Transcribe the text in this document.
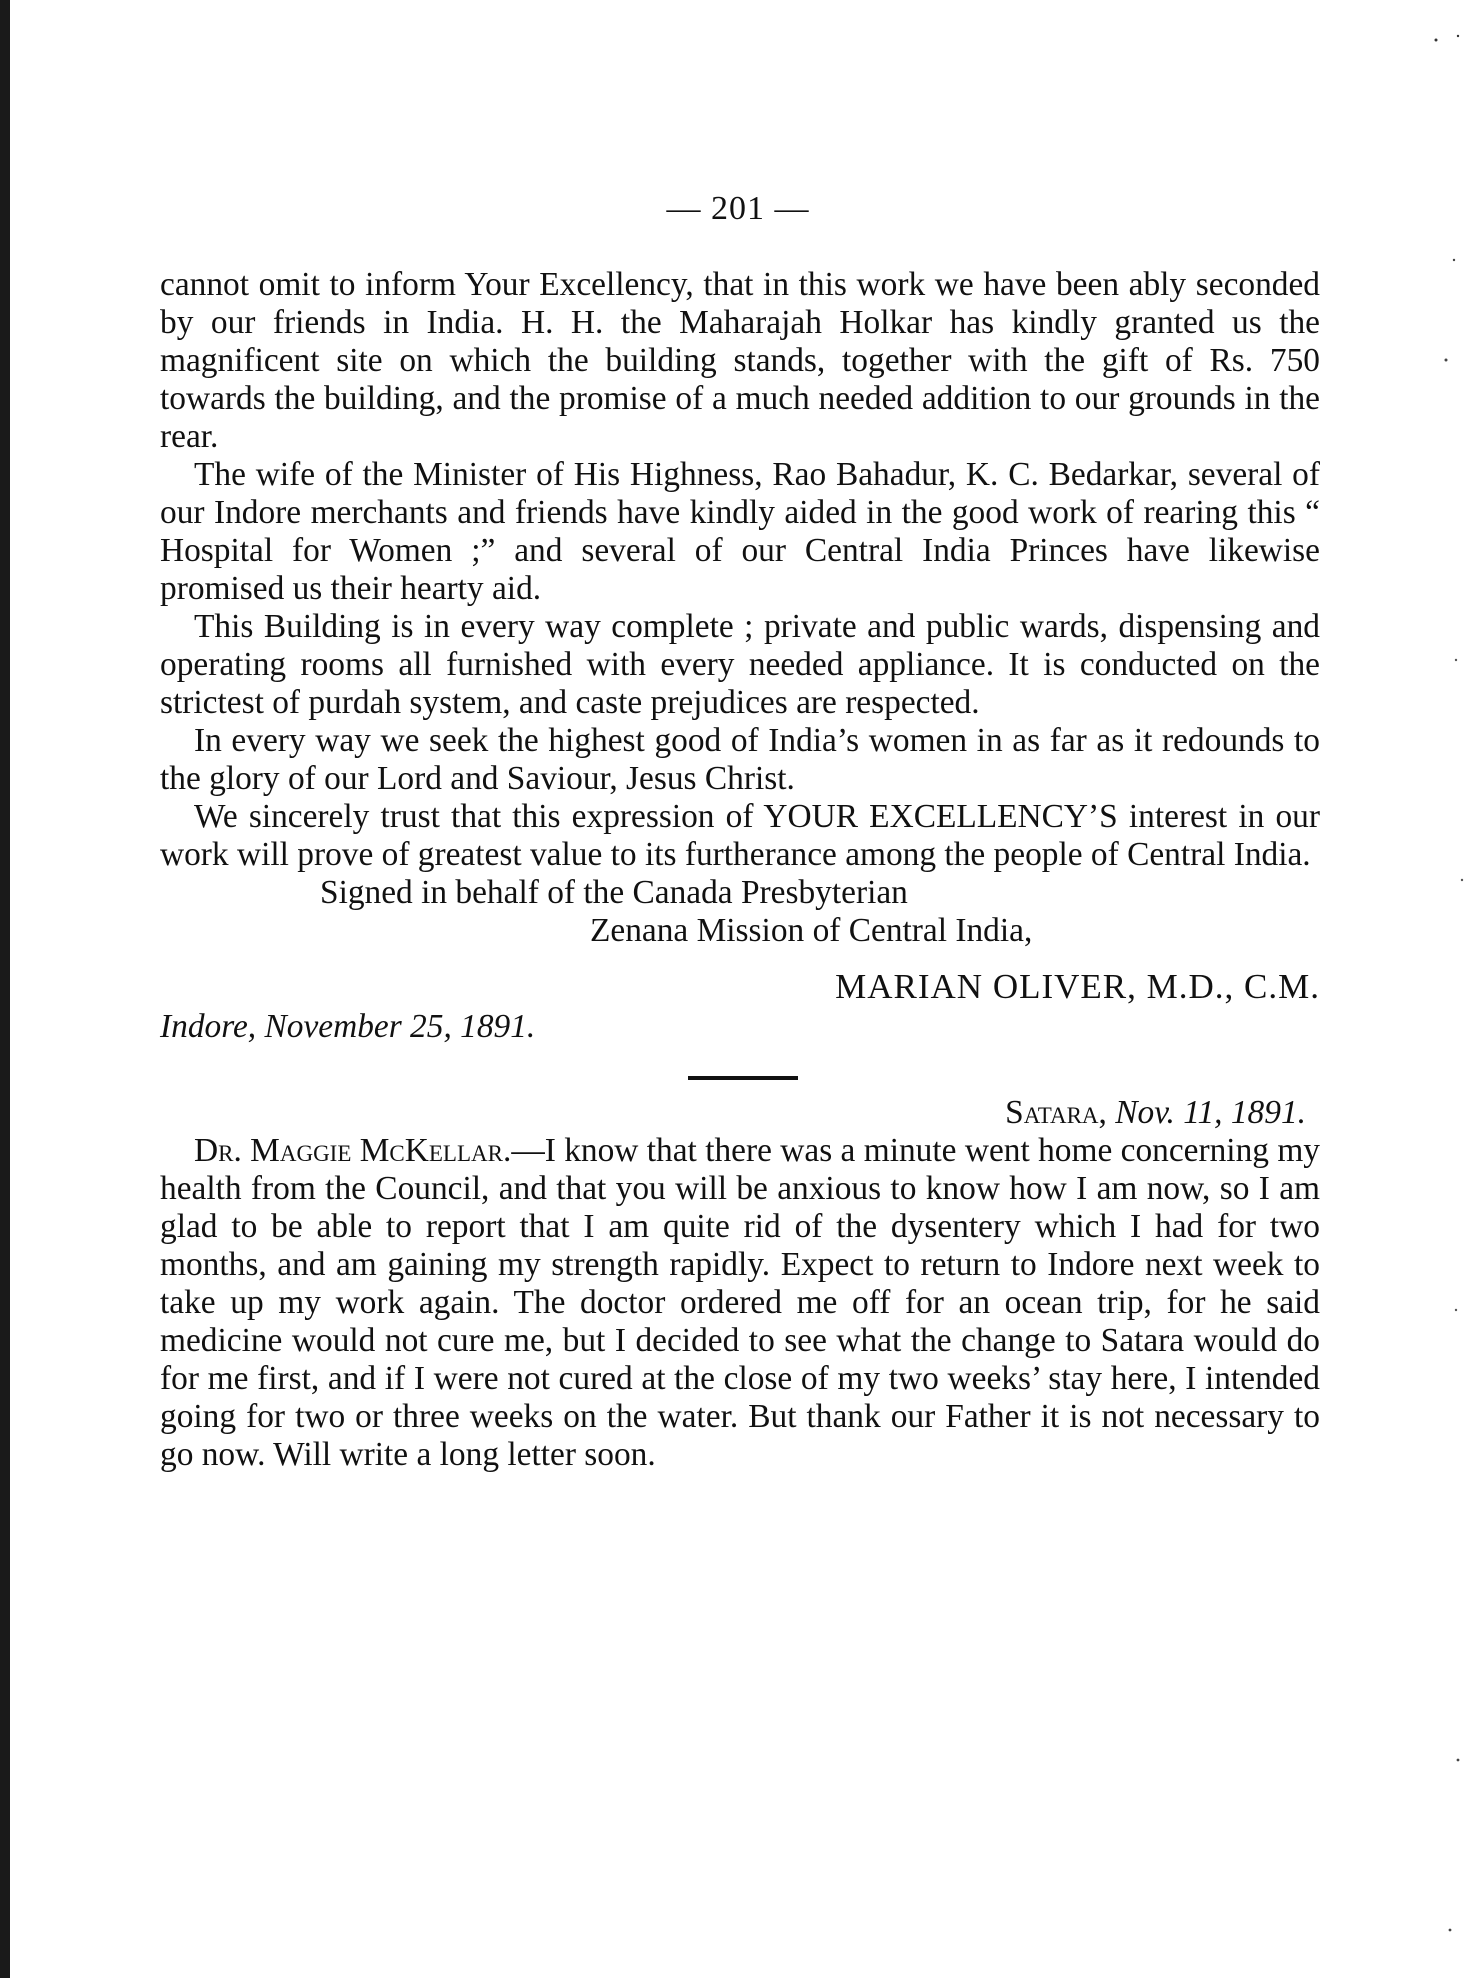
— 201 —

cannot omit to inform Your Excellency, that in this work we have been ably seconded by our friends in India. H. H. the Maharajah Holkar has kindly granted us the magnificent site on which the building stands, together with the gift of Rs. 750 towards the building, and the promise of a much needed addition to our grounds in the rear.

The wife of the Minister of His Highness, Rao Bahadur, K. C. Bedarkar, several of our Indore merchants and friends have kindly aided in the good work of rearing this “ Hospital for Women ;” and several of our Central India Princes have likewise promised us their hearty aid.

This Building is in every way complete ; private and public wards, dispensing and operating rooms all furnished with every needed appliance. It is conducted on the strictest of purdah system, and caste prejudices are respected.

In every way we seek the highest good of India’s women in as far as it redounds to the glory of our Lord and Saviour, Jesus Christ.

We sincerely trust that this expression of YOUR EXCELLENCY’S interest in our work will prove of greatest value to its furtherance among the people of Central India.

Signed in behalf of the Canada Presbyterian

Zenana Mission of Central India,

MARIAN OLIVER, M.D., C.M.
Indore, November 25, 1891.

Satara, Nov. 11, 1891.

Dr. Maggie McKellar.—I know that there was a minute went home concerning my health from the Council, and that you will be anxious to know how I am now, so I am glad to be able to report that I am quite rid of the dysentery which I had for two months, and am gaining my strength rapidly. Expect to return to Indore next week to take up my work again. The doctor ordered me off for an ocean trip, for he said medicine would not cure me, but I decided to see what the change to Satara would do for me first, and if I were not cured at the close of my two weeks’ stay here, I intended going for two or three weeks on the water. But thank our Father it is not necessary to go now. Will write a long letter soon.
